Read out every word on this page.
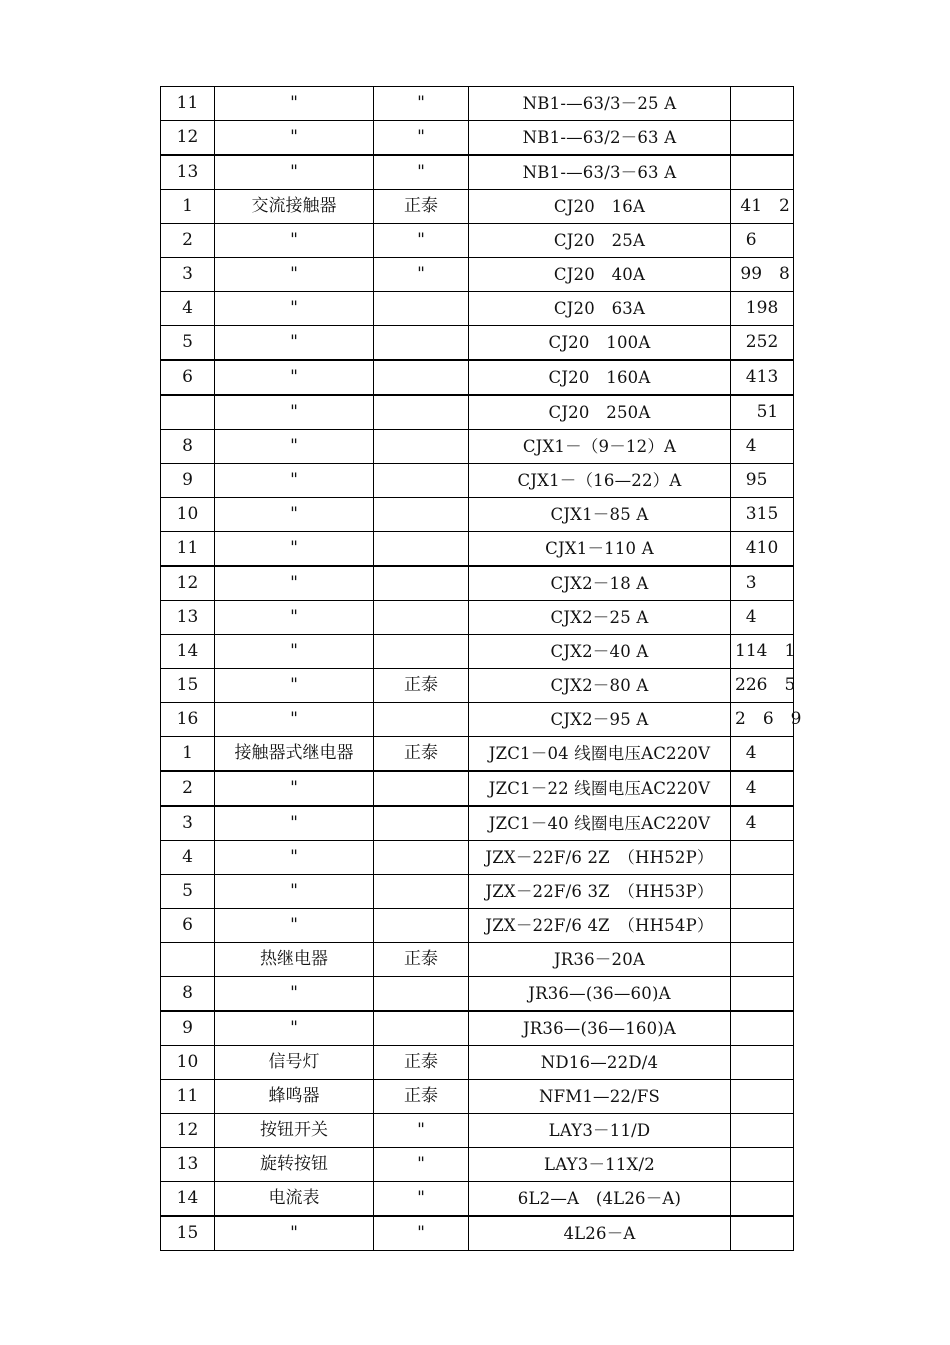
11	"	"	NB1-—63/3－25 A	
12	"	"	NB1-—63/2－63 A	
13	"	"	NB1-—63/3－63 A	
1	交流接触器	正泰	CJ20　16A	41　2
2	"	"	CJ20　25A	6
3	"	"	CJ20　40A	99　8
4	"		CJ20　63A	198
5	"		CJ20　100A	252
6	"		CJ20　160A	413
	"		CJ20　250A	51
8	"		CJX1－（9－12）A	4
9	"		CJX1－（16—22）A	95
10	"		CJX1－85 A	315
11	"		CJX1－110 A	410
12	"		CJX2－18 A	3
13	"		CJX2－25 A	4
14	"		CJX2－40 A	114　1
15	"	正泰	CJX2－80 A	226　5
16	"		CJX2－95 A	2　6　9
1	接触器式继电器	正泰	JZC1－04 线圈电压AC220V	4
2	"		JZC1－22 线圈电压AC220V	4
3	"		JZC1－40 线圈电压AC220V	4
4	"		JZX－22F/6 2Z　（HH52P）	
5	"		JZX－22F/6 3Z　（HH53P）	
6	"		JZX－22F/6 4Z　（HH54P）	
	热继电器	正泰	JR36－20A	
8	"		JR36—(36—60)A	
9	"		JR36—(36—160)A	
10	信号灯	正泰	ND16—22D/4	
11	蜂鸣器	正泰	NFM1—22/FS	
12	按钮开关	"	LAY3－11/D	
13	旋转按钮	"	LAY3－11X/2	
14	电流表	"	6L2—A　(4L26－A)	
15	"	"	4L26－A	
